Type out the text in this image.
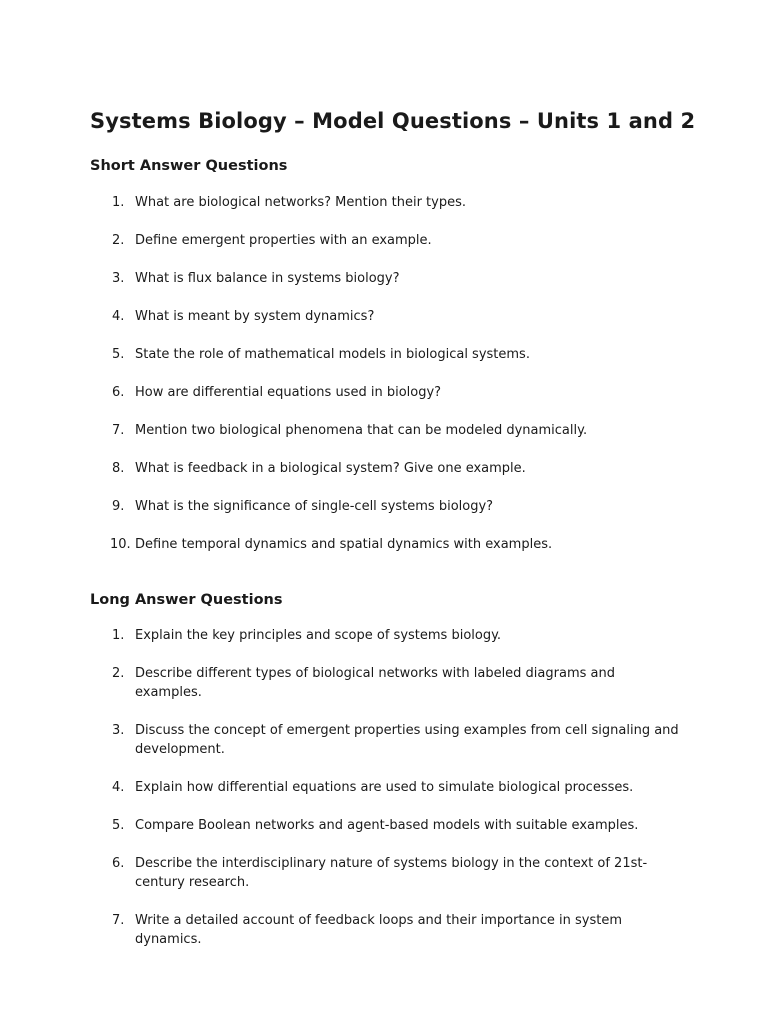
Systems Biology – Model Questions – Units 1 and 2
Short Answer Questions
1. What are biological networks? Mention their types.
2. Define emergent properties with an example.
3. What is flux balance in systems biology?
4. What is meant by system dynamics?
5. State the role of mathematical models in biological systems.
6. How are differential equations used in biology?
7. Mention two biological phenomena that can be modeled dynamically.
8. What is feedback in a biological system? Give one example.
9. What is the significance of single-cell systems biology?
10. Define temporal dynamics and spatial dynamics with examples.
Long Answer Questions
1. Explain the key principles and scope of systems biology.
2. Describe different types of biological networks with labeled diagrams and examples.
3. Discuss the concept of emergent properties using examples from cell signaling and development.
4. Explain how differential equations are used to simulate biological processes.
5. Compare Boolean networks and agent-based models with suitable examples.
6. Describe the interdisciplinary nature of systems biology in the context of 21st-century research.
7. Write a detailed account of feedback loops and their importance in system dynamics.
